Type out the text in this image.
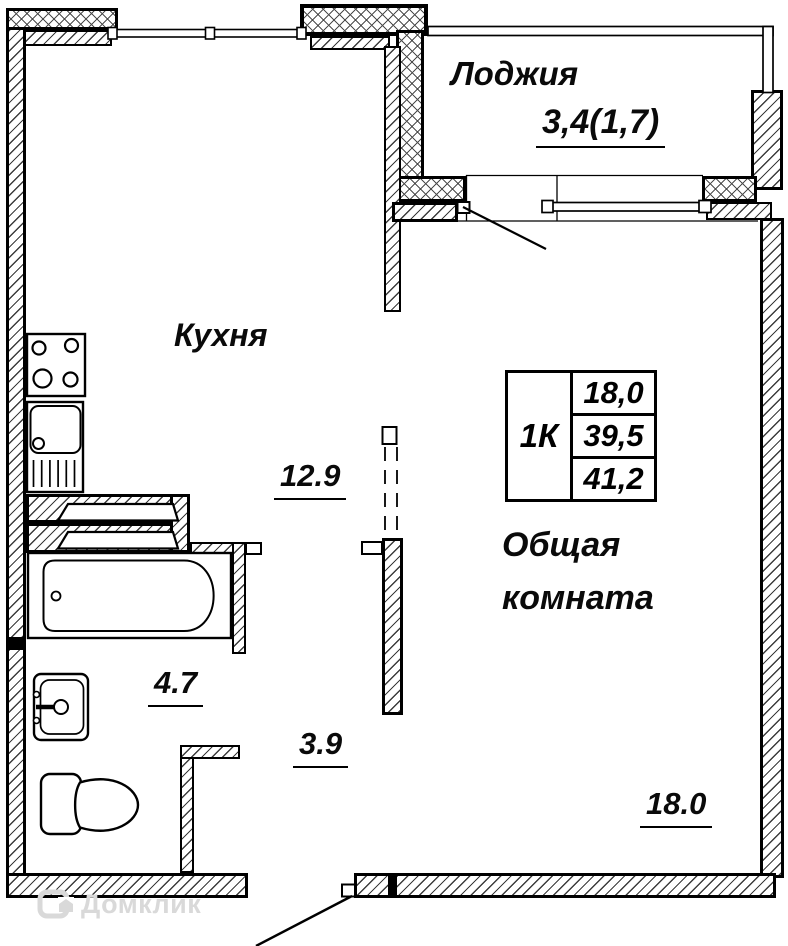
Лоджия
3,4(1,7)
Кухня
12.9
Общая
комната
18.0
4.7
3.9
1К
18,0
39,5
41,2
Домклик
